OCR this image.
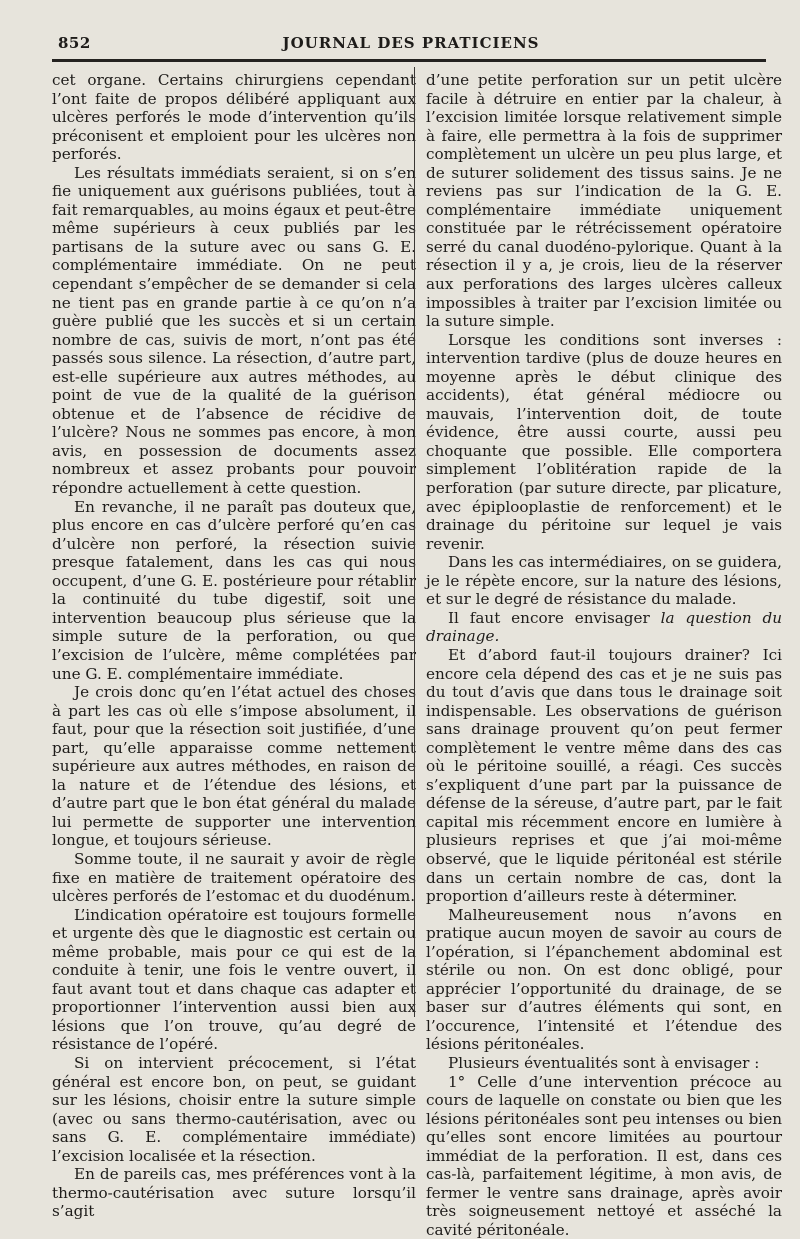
852	JOURNAL DES PRATICIENS

cet organe. Certains chirurgiens cependant l’ont faite de propos délibéré appliquant aux ulcères perforés le mode d’intervention qu’ils préconisent et emploient pour les ulcères non perforés.

Les résultats immédiats seraient, si on s’en fie uniquement aux guérisons publiées, tout à fait remarquables, au moins égaux et peut-être même supérieurs à ceux publiés par les partisans de la suture avec ou sans G. E. complémentaire immédiate. On ne peut cependant s’empêcher de se demander si cela ne tient pas en grande partie à ce qu’on n’a guère publié que les succès et si un certain nombre de cas, suivis de mort, n’ont pas été passés sous silence. La résection, d’autre part, est-elle supérieure aux autres méthodes, au point de vue de la qualité de la guérison obtenue et de l’absence de récidive de l’ulcère? Nous ne sommes pas encore, à mon avis, en possession de documents assez nombreux et assez probants pour pouvoir répondre actuellement à cette question.

En revanche, il ne paraît pas douteux que, plus encore en cas d’ulcère perforé qu’en cas d’ulcère non perforé, la résection suivie presque fatalement, dans les cas qui nous occupent, d’une G. E. postérieure pour rétablir la continuité du tube digestif, soit une intervention beaucoup plus sérieuse que la simple suture de la perforation, ou que l’excision de l’ulcère, même complétées par une G. E. complémentaire immédiate.

Je crois donc qu’en l’état actuel des choses à part les cas où elle s’impose absolument, il faut, pour que la résection soit justifiée, d’une part, qu’elle apparaisse comme nettement supérieure aux autres méthodes, en raison de la nature et de l’étendue des lésions, et d’autre part que le bon état général du malade lui permette de supporter une intervention longue, et toujours sérieuse.

Somme toute, il ne saurait y avoir de règle fixe en matière de traitement opératoire des ulcères perforés de l’estomac et du duodénum.

L’indication opératoire est toujours formelle et urgente dès que le diagnostic est certain ou même probable, mais pour ce qui est de la conduite à tenir, une fois le ventre ouvert, il faut avant tout et dans chaque cas adapter et proportionner l’intervention aussi bien aux lésions que l’on trouve, qu’au degré de résistance de l’opéré.

Si on intervient précocement, si l’état général est encore bon, on peut, se guidant sur les lésions, choisir entre la suture simple (avec ou sans thermo-cautérisation, avec ou sans G. E. complémentaire immédiate) l’excision localisée et la résection.

En de pareils cas, mes préférences vont à la thermo-cautérisation avec suture lorsqu’il s’agit

d’une petite perforation sur un petit ulcère facile à détruire en entier par la chaleur, à l’excision limitée lorsque relativement simple à faire, elle permettra à la fois de supprimer complètement un ulcère un peu plus large, et de suturer solidement des tissus sains. Je ne reviens pas sur l’indication de la G. E. complémentaire immédiate uniquement constituée par le rétrécissement opératoire serré du canal duodéno-pylorique. Quant à la résection il y a, je crois, lieu de la réserver aux perforations des larges ulcères calleux impossibles à traiter par l’excision limitée ou la suture simple.

Lorsque les conditions sont inverses : intervention tardive (plus de douze heures en moyenne après le début clinique des accidents), état général médiocre ou mauvais, l’intervention doit, de toute évidence, être aussi courte, aussi peu choquante que possible. Elle comportera simplement l’oblitération rapide de la perforation (par suture directe, par plicature, avec épiplooplastie de renforcement) et le drainage du péritoine sur lequel je vais revenir.

Dans les cas intermédiaires, on se guidera, je le répète encore, sur la nature des lésions, et sur le degré de résistance du malade.

Il faut encore envisager la question du drainage.

Et d’abord faut-il toujours drainer? Ici encore cela dépend des cas et je ne suis pas du tout d’avis que dans tous le drainage soit indispensable. Les observations de guérison sans drainage prouvent qu’on peut fermer complètement le ventre même dans des cas où le péritoine souillé, a réagi. Ces succès s’expliquent d’une part par la puissance de défense de la séreuse, d’autre part, par le fait capital mis récemment encore en lumière à plusieurs reprises et que j’ai moi-même observé, que le liquide péritonéal est stérile dans un certain nombre de cas, dont la proportion d’ailleurs reste à déterminer.

Malheureusement nous n’avons en pratique aucun moyen de savoir au cours de l’opération, si l’épanchement abdominal est stérile ou non. On est donc obligé, pour apprécier l’opportunité du drainage, de se baser sur d’autres éléments qui sont, en l’occurence, l’intensité et l’étendue des lésions péritonéales.

Plusieurs éventualités sont à envisager :

1° Celle d’une intervention précoce au cours de laquelle on constate ou bien que les lésions péritonéales sont peu intenses ou bien qu’elles sont encore limitées au pourtour immédiat de la perforation. Il est, dans ces cas-là, parfaitement légitime, à mon avis, de fermer le ventre sans drainage, après avoir très soigneusement nettoyé et asséché la cavité péritonéale.
